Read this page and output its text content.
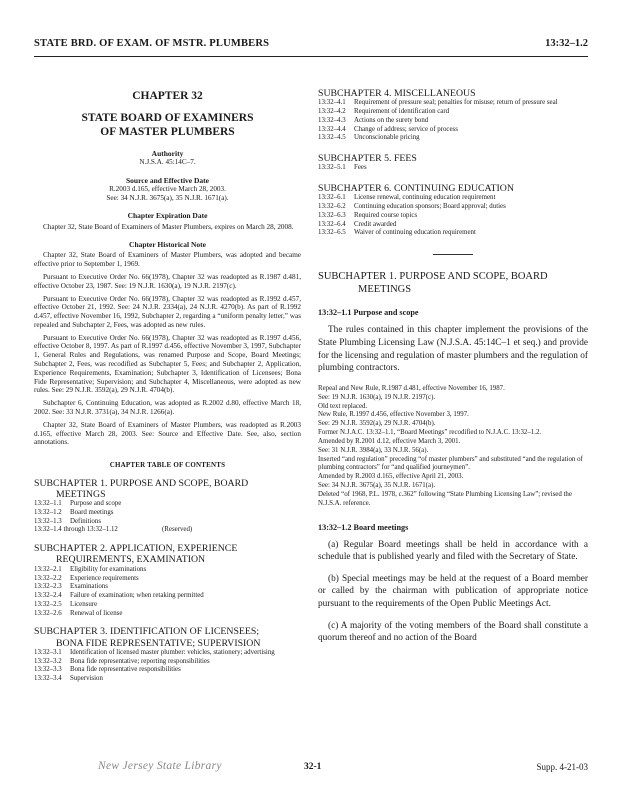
STATE BRD. OF EXAM. OF MSTR. PLUMBERS	13:32–1.2
CHAPTER 32
STATE BOARD OF EXAMINERS
OF MASTER PLUMBERS
Authority
N.J.S.A. 45:14C–7.
Source and Effective Date
R.2003 d.165, effective March 28, 2003.
See: 34 N.J.R. 3675(a), 35 N.J.R. 1671(a).
Chapter Expiration Date

Chapter 32, State Board of Examiners of Master Plumbers, expires on March 28, 2008.

Chapter Historical Note

Chapter 32, State Board of Examiners of Master Plumbers, was adopted and became effective prior to September 1, 1969.

Pursuant to Executive Order No. 66(1978), Chapter 32 was readopted as R.1987 d.481, effective October 23, 1987. See: 19 N.J.R. 1630(a), 19 N.J.R. 2197(c).

Pursuant to Executive Order No. 66(1978), Chapter 32 was readopted as R.1992 d.457, effective October 21, 1992. See: 24 N.J.R. 2334(a), 24 N.J.R. 4270(b). As part of R.1992 d.457, effective November 16, 1992, Subchapter 2, regarding a “uniform penalty letter,” was repealed and Subchapter 2, Fees, was adopted as new rules.

Pursuant to Executive Order No. 66(1978), Chapter 32 was readopted as R.1997 d.456, effective October 8, 1997. As part of R.1997 d.456, effective November 3, 1997, Subchapter 1, General Rules and Regulations, was renamed Purpose and Scope, Board Meetings; Subchapter 2, Fees, was recodified as Subchapter 5, Fees; and Subchapter 2, Application, Experience Requirements, Examination; Subchapter 3, Identification of Licensees; Bona Fide Representative; Supervision; and Subchapter 4, Miscellaneous, were adopted as new rules. See: 29 N.J.R. 3592(a), 29 N.J.R. 4704(b).

Subchapter 6, Continuing Education, was adopted as R.2002 d.80, effective March 18, 2002. See: 33 N.J.R. 3731(a), 34 N.J.R. 1266(a).

Chapter 32, State Board of Examiners of Master Plumbers, was readopted as R.2003 d.165, effective March 28, 2003. See: Source and Effective Date. See, also, section annotations.

CHAPTER TABLE OF CONTENTS
SUBCHAPTER 1. PURPOSE AND SCOPE, BOARD
MEETINGS
13:32–1.1	Purpose and scope
13:32–1.2	Board meetings
13:32–1.3	Definitions
13:32–1.4 through 13:32–1.12	(Reserved)
SUBCHAPTER 2. APPLICATION, EXPERIENCE
REQUIREMENTS, EXAMINATION
13:32–2.1	Eligibility for examinations
13:32–2.2	Experience requirements
13:32–2.3	Examinations
13:32–2.4	Failure of examination; when retaking permitted
13:32–2.5	Licensure
13:32–2.6	Renewal of license
SUBCHAPTER 3. IDENTIFICATION OF LICENSEES;
BONA FIDE REPRESENTATIVE; SUPERVISION
13:32–3.1	Identification of licensed master plumber: vehicles, stationery; advertising
13:32–3.2	Bona fide representative; reporting responsibilities
13:32–3.3	Bona fide representative responsibilities
13:32–3.4	Supervision
SUBCHAPTER 4. MISCELLANEOUS
13:32–4.1	Requirement of pressure seal; penalties for misuse; return of pressure seal
13:32–4.2	Requirement of identification card
13:32–4.3	Actions on the surety bond
13:32–4.4	Change of address; service of process
13:32–4.5	Unconscionable pricing
SUBCHAPTER 5. FEES
13:32–5.1	Fees
SUBCHAPTER 6. CONTINUING EDUCATION
13:32–6.1	License renewal, continuing education requirement
13:32–6.2	Continuing education sponsors; Board approval; duties
13:32–6.3	Required course topics
13:32–6.4	Credit awarded
13:32–6.5	Waiver of continuing education requirement
SUBCHAPTER 1. PURPOSE AND SCOPE, BOARD
MEETINGS
13:32–1.1 Purpose and scope
The rules contained in this chapter implement the provisions of the State Plumbing Licensing Law (N.J.S.A. 45:14C–1 et seq.) and provide for the licensing and regulation of master plumbers and the regulation of plumbing contractors.
Repeal and New Rule, R.1987 d.481, effective November 16, 1987.
See: 19 N.J.R. 1630(a), 19 N.J.R. 2197(c).
Old text replaced.
New Rule, R.1997 d.456, effective November 3, 1997.
See: 29 N.J.R. 3592(a), 29 N.J.R. 4704(b).
Former N.J.A.C. 13:32–1.1, “Board Meetings” recodified to N.J.A.C. 13:32–1.2.
Amended by R.2001 d.12, effective March 3, 2001.
See: 31 N.J.R. 3984(a), 33 N.J.R. 56(a).
Inserted “and regulation” preceding “of master plumbers” and substituted “and the regulation of plumbing contractors” for “and qualified journeymen”.
Amended by R.2003 d.165, effective April 21, 2003.
See: 34 N.J.R. 3675(a), 35 N.J.R. 1671(a).
Deleted “of 1968, P.L. 1978, c.362” following “State Plumbing Licensing Law”; revised the N.J.S.A. reference.
13:32–1.2 Board meetings
(a) Regular Board meetings shall be held in accordance with a schedule that is published yearly and filed with the Secretary of State.
(b) Special meetings may be held at the request of a Board member or called by the chairman with publication of appropriate notice pursuant to the requirements of the Open Public Meetings Act.
(c) A majority of the voting members of the Board shall constitute a quorum thereof and no action of the Board
New Jersey State Library	32-1	Supp. 4-21-03
